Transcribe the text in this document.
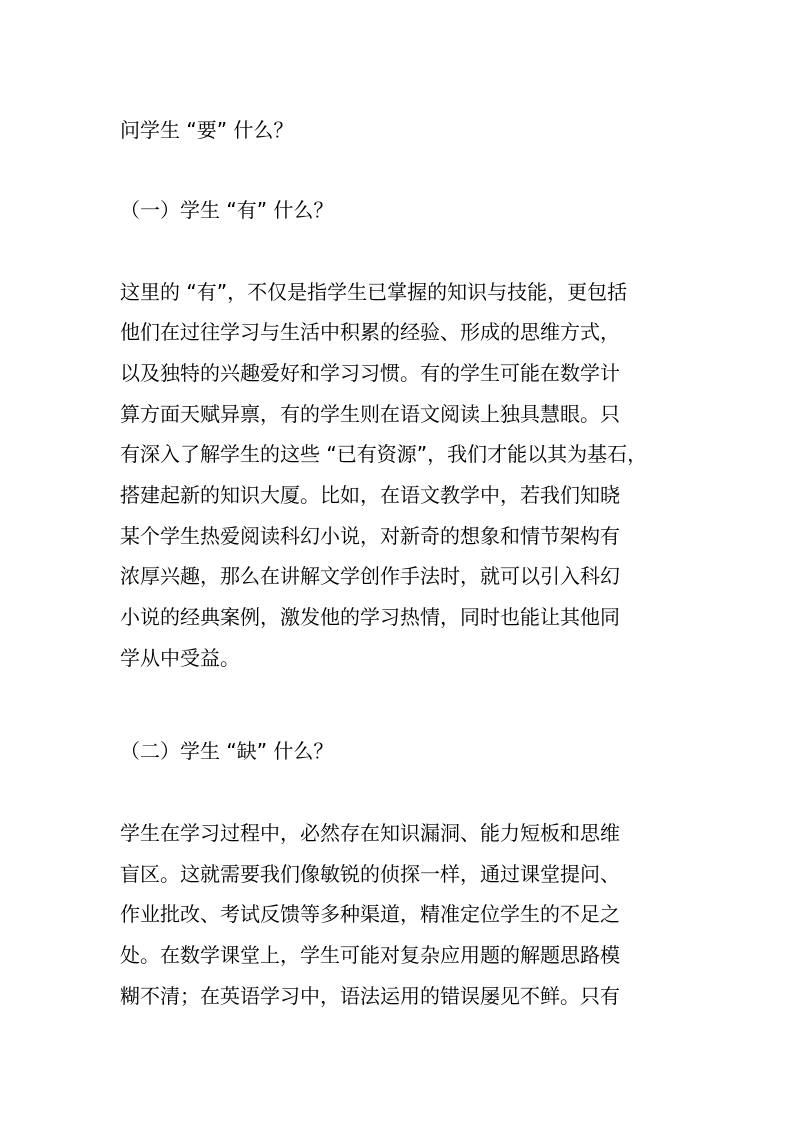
问学生 “要” 什么？
（一）学生 “有” 什么？
这里的 “有”，不仅是指学生已掌握的知识与技能，更包括
他们在过往学习与生活中积累的经验、形成的思维方式，
以及独特的兴趣爱好和学习习惯。有的学生可能在数学计
算方面天赋异禀，有的学生则在语文阅读上独具慧眼。只
有深入了解学生的这些 “已有资源”，我们才能以其为基石，
搭建起新的知识大厦。比如，在语文教学中，若我们知晓
某个学生热爱阅读科幻小说，对新奇的想象和情节架构有
浓厚兴趣，那么在讲解文学创作手法时，就可以引入科幻
小说的经典案例，激发他的学习热情，同时也能让其他同
学从中受益。
（二）学生 “缺” 什么？
学生在学习过程中，必然存在知识漏洞、能力短板和思维
盲区。这就需要我们像敏锐的侦探一样，通过课堂提问、
作业批改、考试反馈等多种渠道，精准定位学生的不足之
处。在数学课堂上，学生可能对复杂应用题的解题思路模
糊不清；在英语学习中，语法运用的错误屡见不鲜。只有
